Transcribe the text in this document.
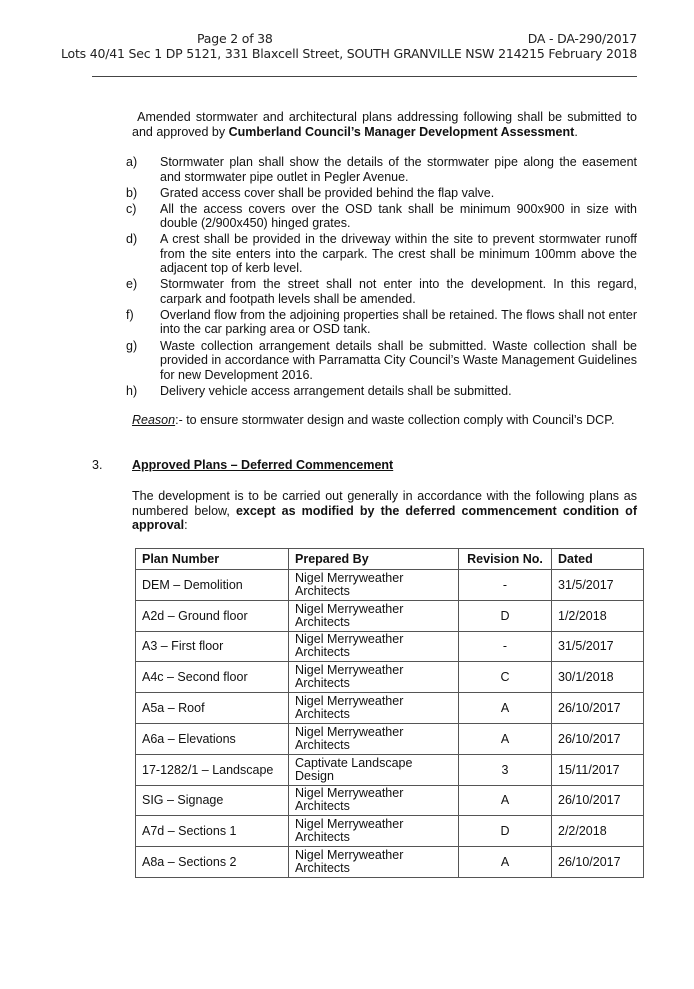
Page 2 of 38	DA - DA-290/2017
Lots 40/41 Sec 1 DP 5121, 331 Blaxcell Street, SOUTH GRANVILLE NSW 214215 February 2018
Amended stormwater and architectural plans addressing following shall be submitted to and approved by Cumberland Council’s Manager Development Assessment.
a) Stormwater plan shall show the details of the stormwater pipe along the easement and stormwater pipe outlet in Pegler Avenue.
b) Grated access cover shall be provided behind the flap valve.
c) All the access covers over the OSD tank shall be minimum 900x900 in size with double (2/900x450) hinged grates.
d) A crest shall be provided in the driveway within the site to prevent stormwater runoff from the site enters into the carpark. The crest shall be minimum 100mm above the adjacent top of kerb level.
e) Stormwater from the street shall not enter into the development. In this regard, carpark and footpath levels shall be amended.
f) Overland flow from the adjoining properties shall be retained. The flows shall not enter into the car parking area or OSD tank.
g) Waste collection arrangement details shall be submitted. Waste collection shall be provided in accordance with Parramatta City Council’s Waste Management Guidelines for new Development 2016.
h) Delivery vehicle access arrangement details shall be submitted.
Reason:- to ensure stormwater design and waste collection comply with Council’s DCP.
3. Approved Plans – Deferred Commencement
The development is to be carried out generally in accordance with the following plans as numbered below, except as modified by the deferred commencement condition of approval:
Plan Number	Prepared By	Revision No.	Dated
DEM – Demolition	Nigel Merryweather Architects	-	31/5/2017
A2d – Ground floor	Nigel Merryweather Architects	D	1/2/2018
A3 – First floor	Nigel Merryweather Architects	-	31/5/2017
A4c – Second floor	Nigel Merryweather Architects	C	30/1/2018
A5a – Roof	Nigel Merryweather Architects	A	26/10/2017
A6a – Elevations	Nigel Merryweather Architects	A	26/10/2017
17-1282/1 – Landscape	Captivate Landscape Design	3	15/11/2017
SIG – Signage	Nigel Merryweather Architects	A	26/10/2017
A7d – Sections 1	Nigel Merryweather Architects	D	2/2/2018
A8a – Sections 2	Nigel Merryweather Architects	A	26/10/2017
